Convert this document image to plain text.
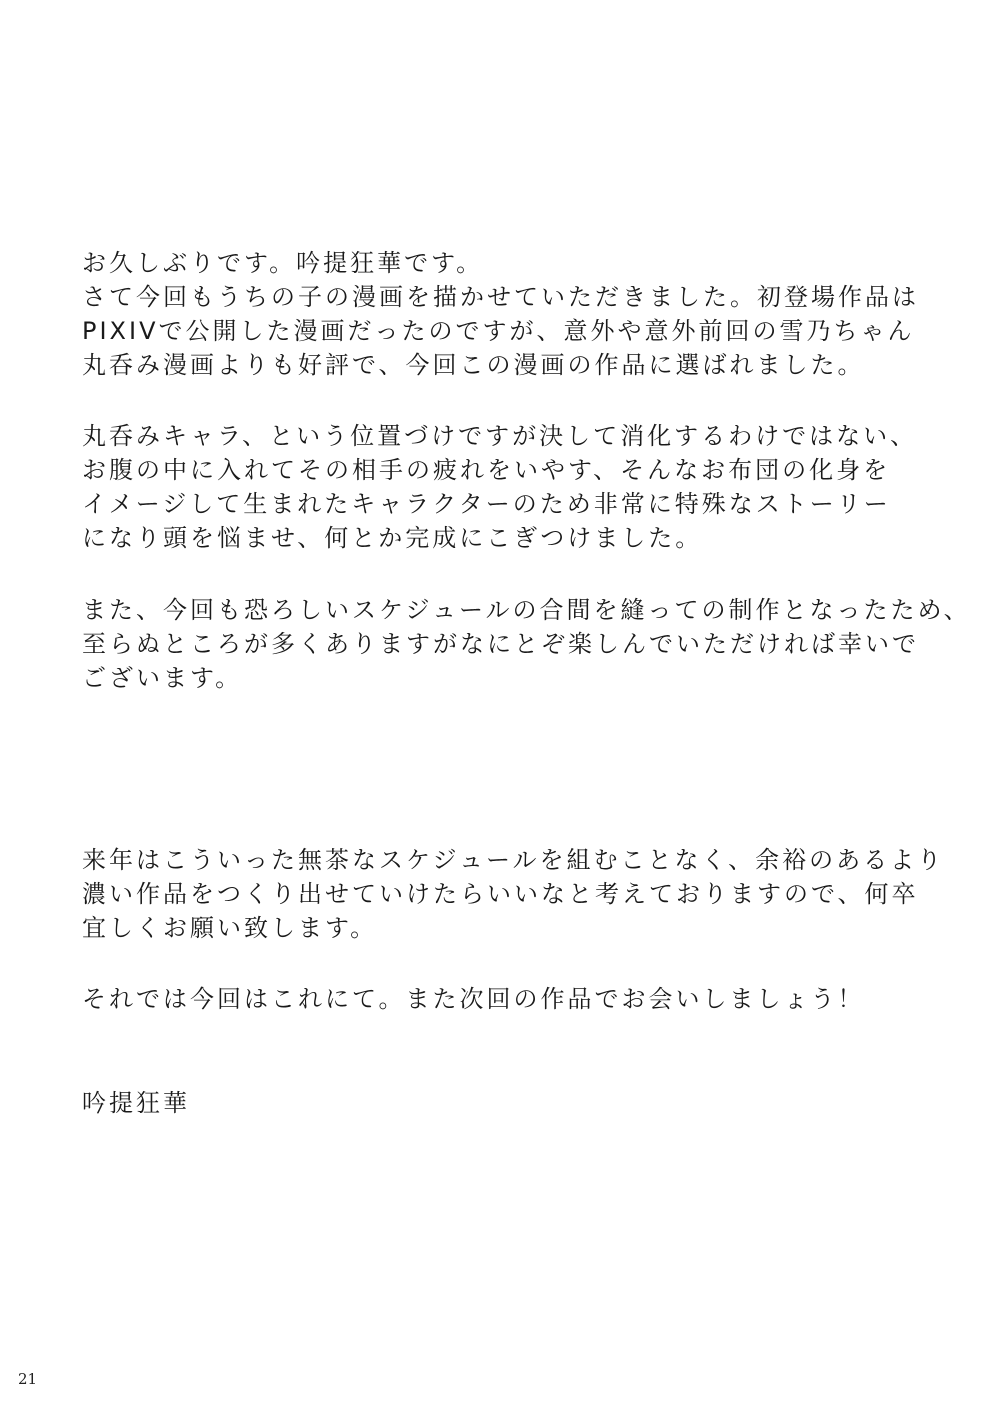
お久しぶりです。吟提狂華です。
さて今回もうちの子の漫画を描かせていただきました。初登場作品は
PIXIVで公開した漫画だったのですが、意外や意外前回の雪乃ちゃん
丸呑み漫画よりも好評で、今回この漫画の作品に選ばれました。
丸呑みキャラ、という位置づけですが決して消化するわけではない、
お腹の中に入れてその相手の疲れをいやす、そんなお布団の化身を
イメージして生まれたキャラクターのため非常に特殊なストーリー
になり頭を悩ませ、何とか完成にこぎつけました。
また、今回も恐ろしいスケジュールの合間を縫っての制作となったため、
至らぬところが多くありますがなにとぞ楽しんでいただければ幸いで
ございます。
来年はこういった無茶なスケジュールを組むことなく、余裕のあるより
濃い作品をつくり出せていけたらいいなと考えておりますので、何卒
宜しくお願い致します。
それでは今回はこれにて。また次回の作品でお会いしましょう！
吟提狂華
21
